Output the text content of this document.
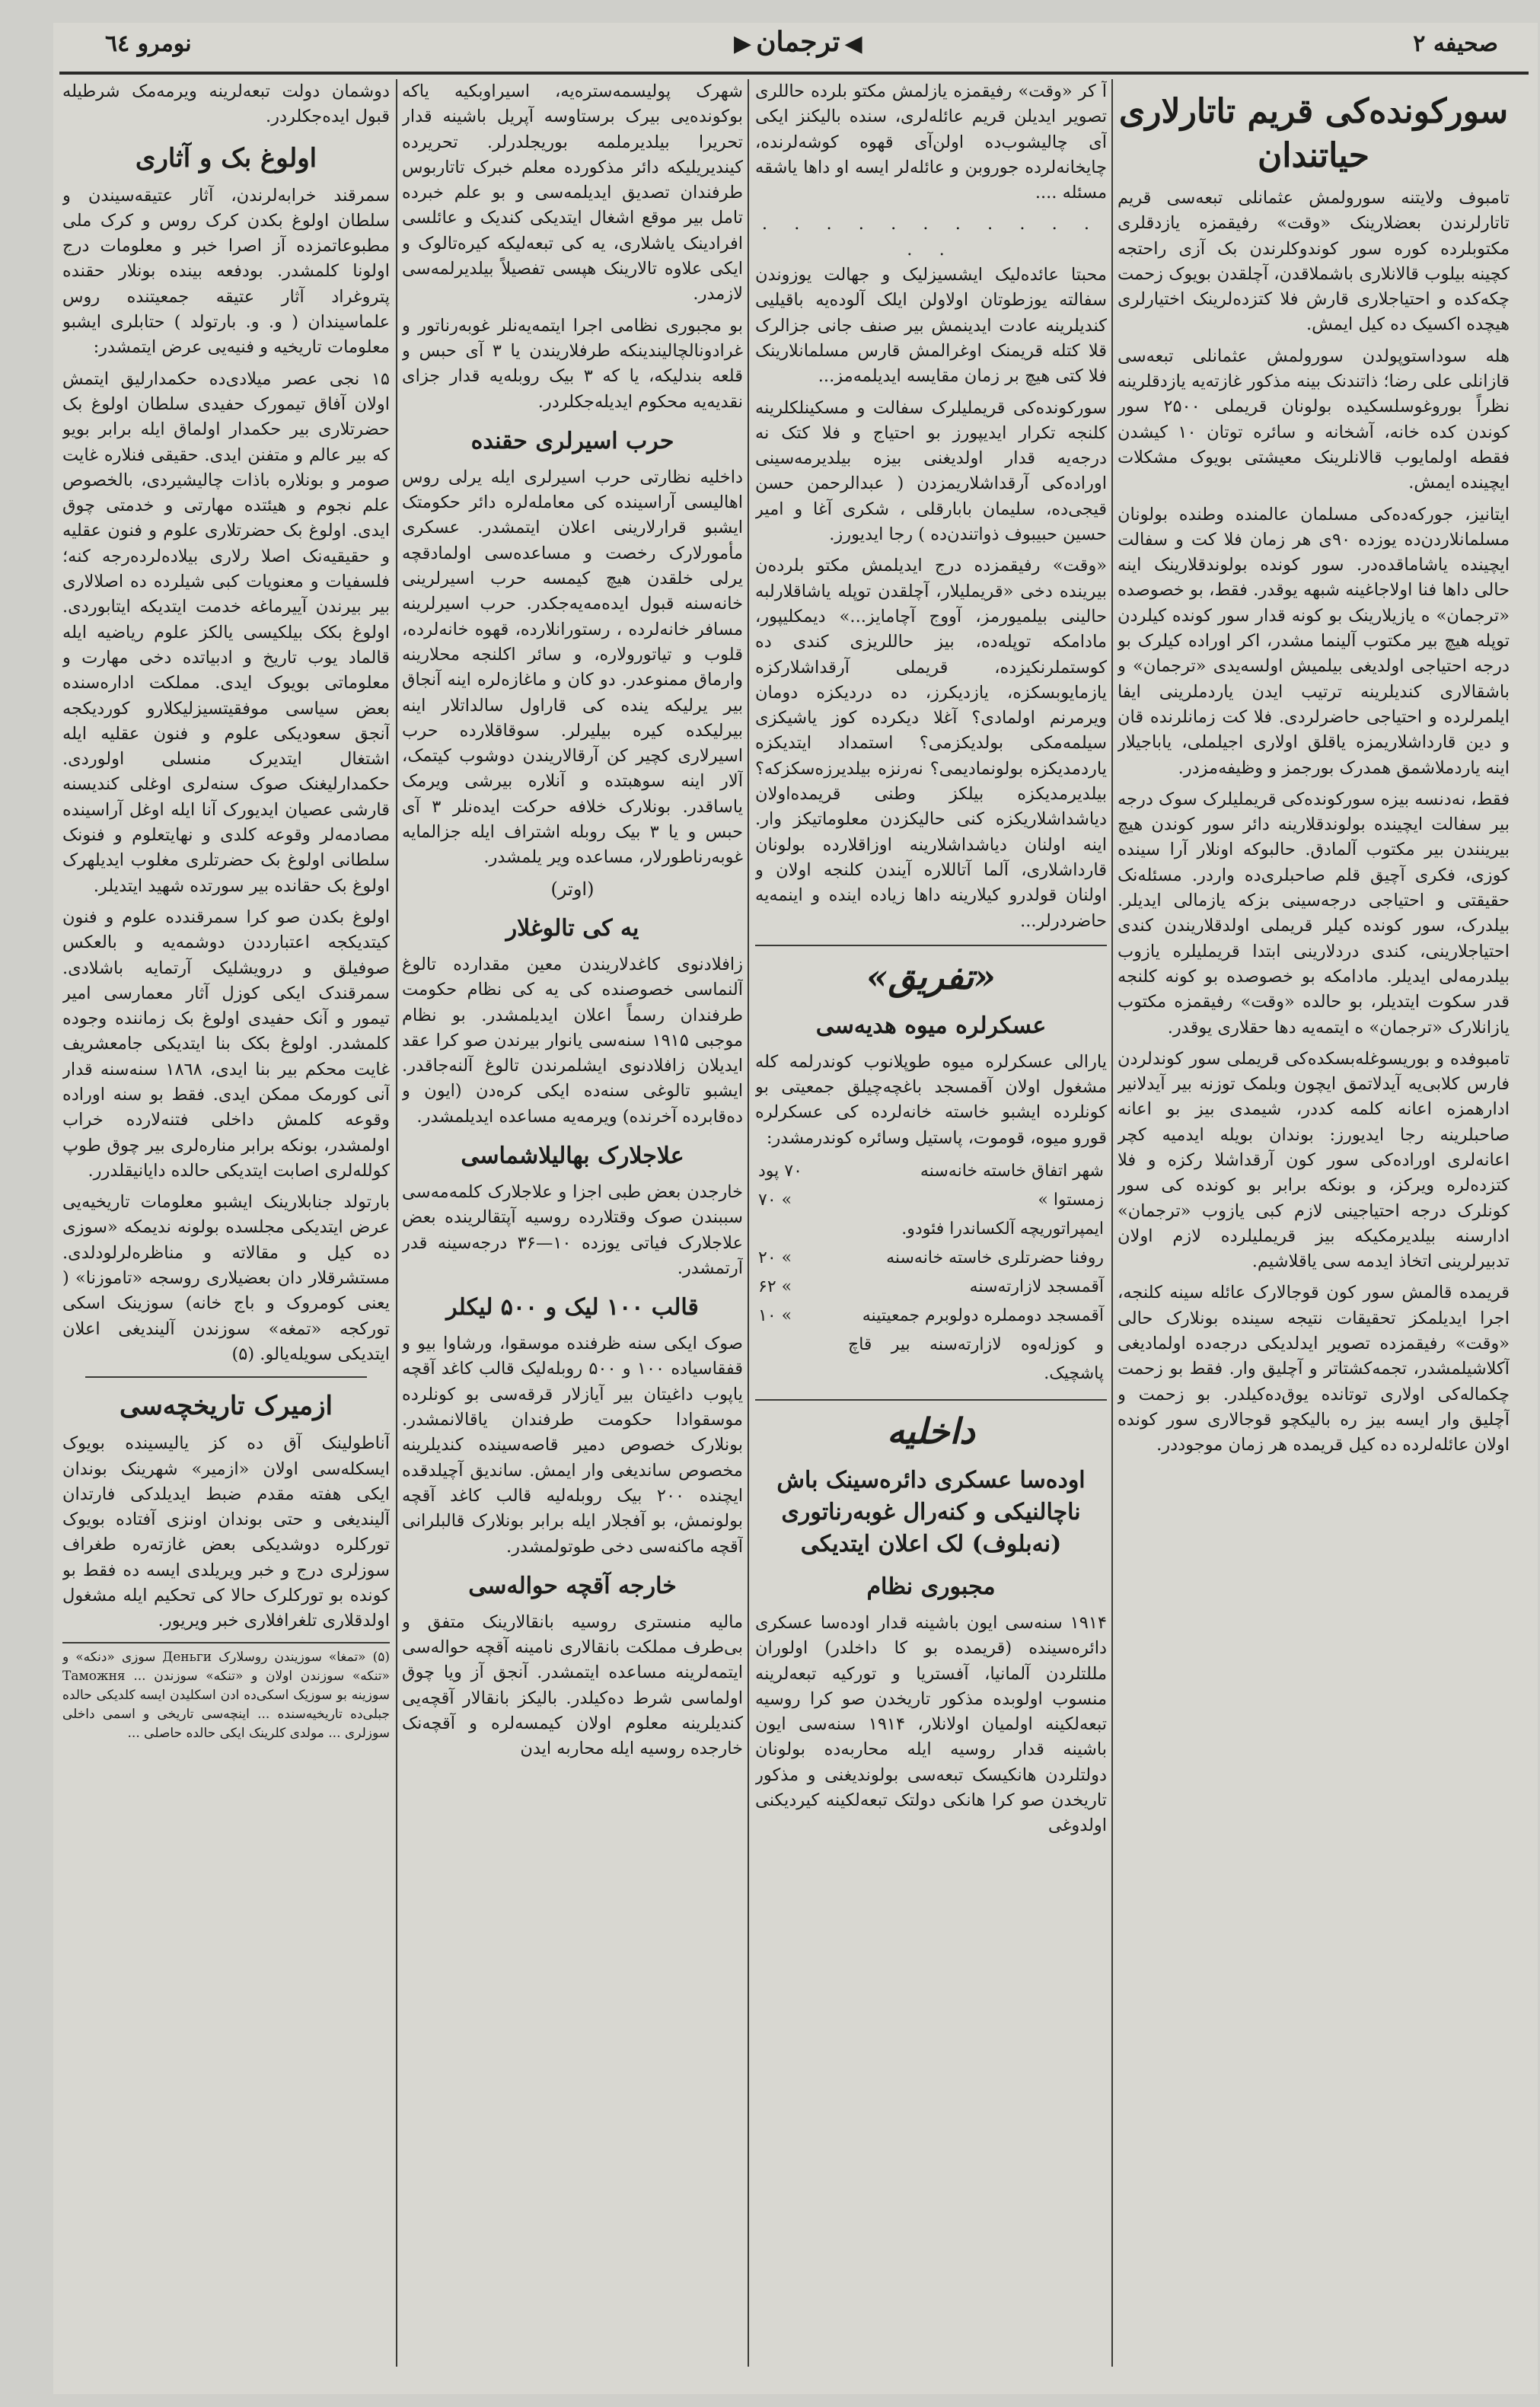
نومرو ٦٤	◀ترجمان▶	صحیفه ۲
سورکونده‌کی قریم تاتارلاری حیاتندان

تامبوف ولایتنه سورولمش عثمانلی تبعه‌سی قریم تاتارلرندن بعضلارینک «وقت» رفیقمزه یازدقلری مکتوبلرده کوره سور کوندوکلرندن بک آزی راحتجه کچینه بیلوب قالانلاری باشملاقدن، آچلقدن بویوک زحمت چکه‌کده و احتیاجلاری قارش فلا کتزده‌لرینک اختیارلری هیچده اکسیک ده کیل ایمش.

هله سوداستوپولدن سورولمش عثمانلی تبعه‌سی قازانلی علی رضا؛ ذاتندنک بینه مذکور غازته‌یه یازدقلرینه نظراً بوروغوسلسکیده بولونان قریملی ۲۵۰۰ سور کوندن کده خانه، آشخانه و سائره توتان ۱۰ کیشدن فقطه اولمایوب قالانلرینک معیشتی بویوک مشکلات ایچینده ایمش.

ایتانیز، جورکه‌ده‌کی مسلمان عالمنده وطنده بولونان مسلمانلاردن‌ده یوزده ۹۰ی هر زمان فلا کت و سفالت ایچینده یاشاماقده‌در. سور کونده بولوندقلارینک اینه حالی داها فنا اولاجاغینه شبهه یوقدر. فقط، بو خصوصده «ترجمان» ه یازیلارینک بو کونه قدار سور کونده کیلردن توپله هیچ بیر مکتوب آلینما مشدر، اکر اوراده کیلرک بو درجه احتیاجی اولدیغی بیلمیش اولسه‌یدی «ترجمان» و باشقالاری کندیلرینه ترتیب ایدن یاردملرینی ایفا ایلمرلرده و احتیاجی حاضرلردی. فلا کت زمانلرنده قان و دین قارداشلاریمزه یاقلق اولاری اجیلملی، یاباجیلار اینه یاردملاشمق همدرک بورجمز و وظیفه‌مزدر.

فقط، نه‌دنسه بیزه سورکونده‌کی قریملیلرک سوک درجه بیر سفالت ایچینده بولوندقلارینه دائر سور کوندن هیچ بیرینندن بیر مکتوب آلمادق. حالبوکه اونلار آرا سینده کوزی، فکری آچیق قلم صاحبلری‌ده واردر. مسئله‌نک حقیقتی و احتیاجی درجه‌سینی بزکه یازمالی ایدیلر. بیلدرک، سور کونده کیلر قریملی اولدقلاریندن کندی احتیاجلارینی، کندی دردلارینی ابتدا قریملیلره یازوب بیلدرمه‌لی ایدیلر. مادامکه بو خصوصده بو کونه کلنجه قدر سکوت ایتدیلر، بو حالده «وقت» رفیقمزه مکتوب یازانلارک «ترجمان» ه ایتمه‌یه دها حقلاری یوقدر.

تامبوفده و بوریسوغله‌بسکده‌کی قریملی سور کوندلردن فارس کلابی‌یه آیدلاتمق ایچون وبلمک توزنه بیر آیدلانیر ادارهمزه اعانه کلمه کددر، شیمدی بیز بو اعانه صاحبلرینه رجا ایدیورز: بوندان بویله ایدمیه کچر اعانه‌لری اوراده‌کی سور کون آرقداشلا رکزه و فلا کتزده‌لره ویرکز، و بونکه برابر بو کونده کی سور کونلرک درجه احتیاجینی لازم کبی یازوب «ترجمان» ادارسنه بیلدیرمکیکه بیز قریملیلرده لازم اولان تدبیرلرینی اتخاذ ایدمه سی یاقلاشیم.

قریمده قالمش سور کون قوجالارک عائله سینه کلنجه، اجرا ایدیلمکز تحقیقات نتیجه سینده بونلارک حالی «وقت» رفیقمزده تصویر ایدلدیکی درجه‌ده اولمادیغی آکلاشیلمشدر، تجمه‌کشتاتر و آچلیق وار. فقط بو زحمت چکماله‌کی اولاری توتانده یوق‌ده‌کیلدر. بو زحمت و آچلیق وار ایسه بیز ره بالیکچو قوجالاری سور کونده اولان عائله‌لرده ده کیل قریمده هر زمان موجوددر.

آ کر «وقت» رفیقمزه یازلمش مکتو بلرده حاللری تصویر ایدیلن قریم عائله‌لری، سنده بالیکنز ایکی آی چالیشوب‌ده اولن‌آی قهوه کوشه‌لرنده، چایخانه‌لرده جوروبن و عائله‌لر ایسه او داها یاشقه مسئله ....

. . . . . . . . . . . . .

محبتا عائده‌لیک ایشسیزلیک و جهالت یوزوندن سفالته یوزطوتان اولاولن ایلک آلوده‌یه باقیلیی کندیلرینه عادت ایدینمش بیر صنف جانی جزالرک قلا کتله قریمنک اوغرالمش قارس مسلمانلارینک فلا کتی هیچ بر زمان مقایسه ایدیلمه‌مز...

سورکونده‌کی قریملیلرک سفالت و مسکینلکلرینه کلنجه تکرار ایدیپورز بو احتیاج و فلا کتک نه درجه‌یه قدار اولدیغنی بیزه بیلدیرمه‌سینی اوراده‌کی آرقداشلاریمزدن ( عبدالرحمن حسن قیجی‌ده، سلیمان بابارقلی ، شکری آغا و امیر حسین حبیبوف ذواتندن‌ده ) رجا ایدیورز.

«وقت» رفیقمزده درج ایدیلمش مکتو بلرده‌ن بیرینده دخی «قریملیلار، آچلقدن توپله یاشاقلارلبه حالینی بیلمیورمز، آووج آچامایز...» دیمکلیپور، مادامکه توپله‌ده، بیز حاللریزی کندی ده کوستملرنکیزده، قریملی آرقداشلارکزه یازمایوبسکزه، یازدیکرز، ده دردیکزه دومان ویرمرنم اولمادی؟ آغلا دیکرده کوز یاشیکزی سیلمه‌مکی بولدیکزمی؟ استمداد ایتدیکزه یاردمدیکزه بولونمادیمی؟ نه‌رنزه بیلدیرزه‌سکزکه؟ بیلدیرمدیکزه بیلکز وطنی قریمده‌اولان دیاشداشلاریکزه کنی حالیکزدن معلوماتیکز وار. اینه اولنان دیاشداشلارینه اوزاقلارده بولونان قارداشلاری، آلما آتاللاره آیندن کلنجه اولان و اولنان قولدرو کیلارینه داها زیاده اینده و اینمه‌یه حاضردرلر...

«تفریق»
عسکرلره میوه هدیه‌سی

یارالی عسکرلره میوه طوپلانوب کوندرلمه کله مشغول اولان آقمسجد باغچه‌چیلق جمعیتی بو کونلرده ایشبو خاسته خانه‌لرده کی عسکرلره قورو میوه، قوموت، پاستیل وسائره کوندرمشدر:

شهر اتفاق خاسته خانه‌سنه	۷۰ پود
زمستوا »	» ۷۰
ایمپراتوریچه آلکساندرا فئودو.	
روفنا حضرتلری خاسته خانه‌سنه	» ۲۰
آقمسجد لازارته‌سنه	» ۶۲
آقمسجد دومملره دولوبرم جمعیتینه	» ۱۰
و کوزله‌وه لازارته‌سنه بیر قاچ پاشچیک.	
داخلیه
اوده‌سا عسکری دائره‌سینک باش ناچالنیکی و کنه‌رال غوبه‌رناتوری (نه‌بلوف) لک اعلان ایتدیکی
مجبوری نظام

۱۹۱۴ سنه‌سی ایون باشینه قدار اوده‌سا عسکری دائره‌سینده (قریمده بو کا داخلدر) اولوران مللتلردن آلمانیا، آفستریا و تورکیه تبعه‌لرینه منسوب اولوبده مذکور تاریخدن صو کرا روسیه تبعه‌لکینه اولمیان اولانلار، ۱۹۱۴ سنه‌سی ایون باشینه قدار روسیه ایله محاربه‌ده بولونان دولتلردن هانکیسک تبعه‌سی بولوندیغنی و مذکور تاریخدن صو کرا هانکی دولتک تبعه‌لکینه کیردیکنی اولدوغی

شهرک پولیسمه‌ستره‌یه، اسیراوبکیه یاکه بوکونده‌یی بیرک برستاوسه آپریل باشینه قدار تحریرا بیلدیرملمه بوریجلدرلر. تحریرده کیندیریلیکه دائر مذکورده معلم خبرک تاتاربوس طرفندان تصدیق ایدیلمه‌سی و بو علم خبرده تامل بیر موقع اشغال ایتدیکی کندیک و عائلسی افرادینک یاشلاری، یه کی تبعه‌لیکه کیره‌تالوک و ایکی علاوه تالارینک هپسی تفصیلاً بیلدیرلمه‌سی لازمدر.

بو مجبوری نظامی اجرا ایتمه‌یه‌نلر غوبه‌رناتور و غرادونالچالیندینکه طرفلاریندن یا ۳ آی حبس و قلعه بندلیکه، یا که ۳ بیک روبله‌یه قدار جزای نقدیه‌یه محکوم ایدیله‌جکلردر.

حرب اسیرلری حقنده

داخلیه نظارتی حرب اسیرلری ایله یرلی روس اهالیسی آراسینده کی معامله‌لره دائر حکومتک ایشبو قرارلارینی اعلان ایتمشدر. عسکری مأمورلارک رخصت و مساعده‌سی اولمادقچه یرلی خلقدن هیچ کیمسه حرب اسیرلرینی خانه‌سنه قبول ایده‌مه‌یه‌جکدر. حرب اسیرلرینه مسافر خانه‌لرده ، رستورانلارده، قهوه خانه‌لرده، قلوب و تیاتورولاره، و سائر اکلنجه محلارینه وارماق ممنوعدر. دو کان و ماغازه‌لره اینه آنجاق بیر یرلیکه ینده کی قاراول سالداتلار اینه بیرلیکده کیره بیلیرلر. سوقاقلارده حرب اسیرلاری کچیر کن آرقالاریندن دوشوب کیتمک، آلار اینه سوهبتده و آنلاره بیرشی ویرمک یاساقدر. بونلارک خلافه حرکت ایده‌نلر ۳ آی حبس و یا ۳ بیک روبله اشتراف ایله جزالمایه غوبه‌رناطورلار، مساعده ویر یلمشدر.

(اوتر)
یه کی تالوغلار

زافلادنوی کاغدلاریندن معین مقدارده تالوغ آلنماسی خصوصنده کی یه کی نظام حکومت طرفندان رسماً اعلان ایدیلمشدر. بو نظام موجبی ۱۹۱۵ سنه‌سی یانوار بیرندن صو کرا عقد ایدیلان زافلادنوی ایشلمرندن تالوغ آلنه‌جاقدر. ایشبو تالوغی سنه‌ده ایکی کره‌دن (ایون و ده‌قابرده آخرنده) ویرمه‌یه مساعده ایدیلمشدر.

علاجلارک بهالیلاشماسی

خارجدن بعض طبی اجزا و علاجلارک کلمه‌مه‌سی سببندن صوک وقتلارده روسیه آپتقالرینده بعض علاجلارک فیاتی یوزده ۱۰—۳۶ درجه‌سینه قدر آرتمشدر.

قالب ۱۰۰ لیک و ۵۰۰ لیکلر

صوک ایکی سنه ظرفنده موسقوا، ورشاوا بیو و قفقاسیاده ۱۰۰ و ۵۰۰ روبله‌لیک قالب کاغد آقچه یاپوب داغیتان بیر آیازلار قرقه‌سی بو کونلرده موسقوادا حکومت طرفندان یاقالانمشدر. بونلارک خصوص دمیر قاصه‌سینده کندیلرینه مخصوص ساندیغی وار ایمش. ساندیق آچیلدقده ایچنده ۲۰۰ بیک روبله‌لیه قالب کاغد آقچه بولونمش، بو آفجلار ایله برابر بونلارک قالبلرانی آقچه ماکنه‌سی دخی طوتولمشدر.

خارجه آقچه حواله‌سی

مالیه منستری روسیه بانقالارینک متفق و بی‌طرف مملکت بانقالاری نامینه آقچه حواله‌سی ایتمه‌لرینه مساعده ایتمشدر. آنجق آز ویا چوق اولماسی شرط ده‌کیلدر. بالیکز بانقالار آقچه‌یی کندیلرینه معلوم اولان کیمسه‌لره و آقچه‌نک خارجده روسیه ایله محاربه ایدن

دوشمان دولت تبعه‌لرینه ویرمه‌مک شرطیله قبول ایده‌جکلردر.

اولوغ بک و آثاری

سمرقند خرابه‌لرندن، آثار عتیقه‌سیندن و سلطان اولوغ بکدن کرک روس و کرک ملی مطبوعاتمزده آز اصرا خبر و معلومات درج اولونا کلمشدر. بودفعه بینده بونلار حقنده پتروغراد آثار عتیقه جمعیتنده روس علماسیندان ( و. و. بارتولد ) حتابلری ایشبو معلومات تاریخیه و فنیه‌یی عرض ایتمشدر:

۱۵ نجی عصر میلادی‌ده حکمدارلیق ایتمش اولان آفاق تیمورک حفیدی سلطان اولوغ بک حضرتلاری بیر حکمدار اولماق ایله برابر بویو که بیر عالم و متفنن ایدی. حقیقی فنلاره غایت صومر و بونلاره باذات چالیشیردی، بالخصوص علم نجوم و هیئتده مهارتی و خدمتی چوق ایدی. اولوغ بک حضرتلاری علوم و فنون عقلیه و حقیقیه‌نک اصلا رلاری بیلاده‌لرده‌رجه کنه؛ فلسفیات و معنویات کبی شیلرده ده اصلالاری بیر بیرندن آییرماغه خدمت ایتدیکه ایتابوردی. اولوغ بکک بیلکیسی یالکز علوم ریاضیه ایله قالماد یوب تاریخ و ادبیاتده دخی مهارت و معلوماتی بویوک ایدی. مملکت اداره‌سنده بعض سیاسی موفقیتسیزلیکلارو کوردیکجه آنجق سعودیکی علوم و فنون عقلیه ایله اشتغال ایتدیرک منسلی اولوردی. حکمدارلیغنک صوک سنه‌لری اوغلی کندیسنه قارشی عصیان ایدیورک آنا ایله اوغل آراسینده مصادمه‌لر وقوعه کلدی و نهایتعلوم و فنونک سلطانی اولوغ بک حضرتلری مغلوب ایدیلهرک اولوغ بک حقانده بیر سورتده شهید ایتدیلر.

اولوغ بکدن صو کرا سمرقندده علوم و فنون کیتدیکجه اعتبارددن دوشمه‌یه و بالعکس صوفیلق و درویشلیک آرتمایه باشلادی. سمرقندک ایکی کوزل آثار معمارسی امیر تیمور و آنک حفیدی اولوغ بک زماننده وجوده کلمشدر. اولوغ بکک بنا ایتدیکی جامعشریف غایت محکم بیر بنا ایدی، ۱۸٦۸ سنه‌سنه قدار آنی کورمک ممکن ایدی. فقط بو سنه اوراده وقوعه کلمش داخلی فتنه‌لارده خراب اولمشدر، بونکه برابر مناره‌لری بیر چوق طوپ کولله‌لری اصابت ایتدیکی حالده دایانیقلدرر.

بارتولد جنابلارینک ایشبو معلومات تاریخیه‌یی عرض ایتدیکی مجلسده بولونه ندیمکه «سوزی ده کیل و مقالاته و مناظره‌لرلودلدی. مستشرقلار دان بعضیلاری روسجه «تاموزنا» ( یعنی کومروک و باج خانه) سوزینک اسکی تورکجه «تمغه» سوزندن آلیندیغی اعلان ایتدیکی سویله‌یالو. (۵)

ازمیرک تاریخچه‌سی

آناطولینک آق ده کز یالیسینده بویوک ایسکله‌سی اولان «ازمیر» شهرینک بوندان ایکی هفته مقدم ضبط ایدیلدکی فارتدان آلیندیغی و حتی بوندان اونزی آفتاده بویوک تورکلره دوشدیکی بعض غازته‌ره طغراف سوزلری درج و خبر ویریلدی ایسه ده فقط بو کونده بو تورکلرک حالا کی تحکیم ایله مشغول اولدقلاری تلغرافلاری خبر ویریور.

(۵) «تمغا» سوزیندن روسلارک Деньги سوزی «دنکه» و «تنکه» سوزندن اولان و «تنکه» سوزندن ... Таможня سوزینه بو سوزیک اسکی‌ده ادن اسکلیدن ایسه کلدیکی حالده جبلی‌ده تاریخیه‌سنده ... اینچه‌سی تاریخی و اسمی داخلی سوزلری ... مولدی کلرینک ایکی حالده حاصلی ...
